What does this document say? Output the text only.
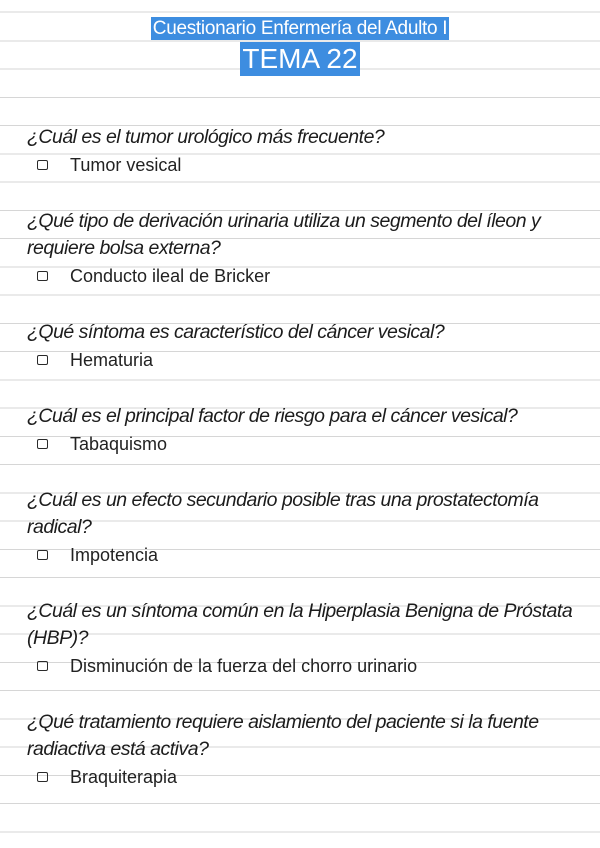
Cuestionario Enfermería del Adulto I
TEMA 22
¿Cuál es el tumor urológico más frecuente?
Tumor vesical
¿Qué tipo de derivación urinaria utiliza un segmento del íleon y requiere bolsa externa?
Conducto ileal de Bricker
¿Qué síntoma es característico del cáncer vesical?
Hematuria
¿Cuál es el principal factor de riesgo para el cáncer vesical?
Tabaquismo
¿Cuál es un efecto secundario posible tras una prostatectomía radical?
Impotencia
¿Cuál es un síntoma común en la Hiperplasia Benigna de Próstata (HBP)?
Disminución de la fuerza del chorro urinario
¿Qué tratamiento requiere aislamiento del paciente si la fuente radiactiva está activa?
Braquiterapia
